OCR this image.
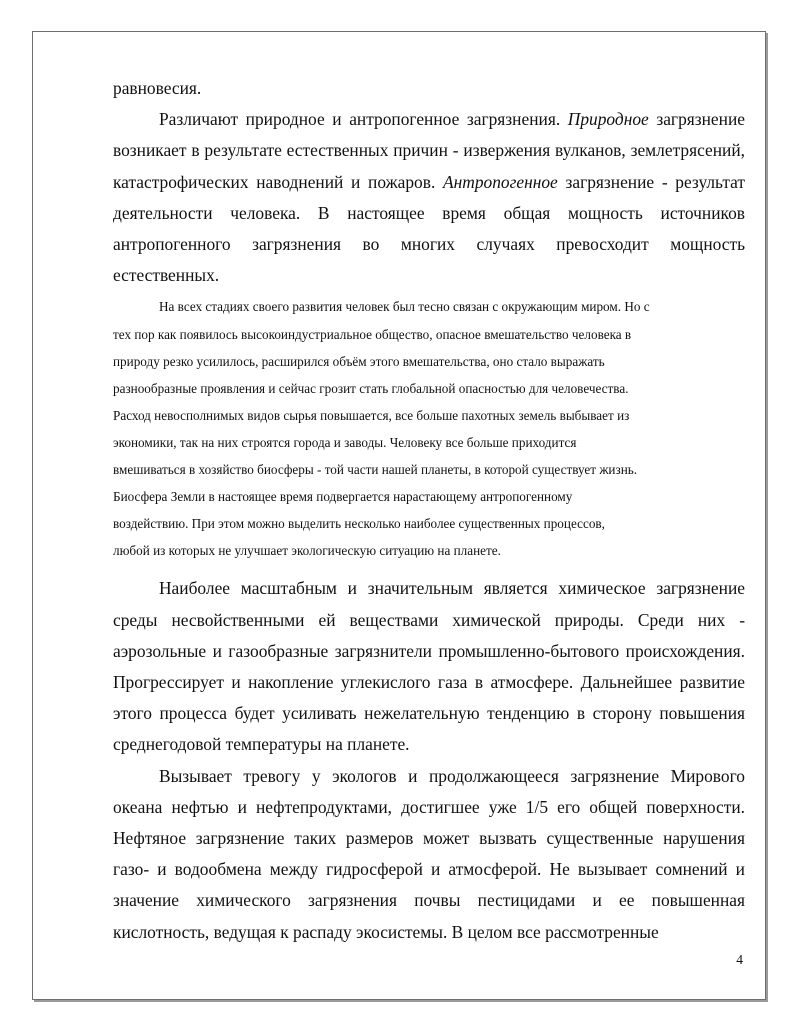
равновесия.

Различают природное и антропогенное загрязнения. Природное загрязнение возникает в результате естественных причин - извержения вулканов, землетрясений, катастрофических наводнений и пожаров. Антропогенное загрязнение - результат деятельности человека. В настоящее время общая мощность источников антропогенного загрязнения во многих случаях превосходит мощность естественных.

На всех стадиях своего развития человек был тесно связан с окружающим миром. Но с
тех пор как появилось высокоиндустриальное общество, опасное вмешательство человека в
природу резко усилилось, расширился объём этого вмешательства, оно стало выражать
разнообразные проявления и сейчас грозит стать глобальной опасностью для человечества.
Расход невосполнимых видов сырья повышается, все больше пахотных земель выбывает из
экономики, так на них строятся города и заводы. Человеку все больше приходится
вмешиваться в хозяйство биосферы - той части нашей планеты, в которой существует жизнь.
Биосфера Земли в настоящее время подвергается нарастающему антропогенному
воздействию. При этом можно выделить несколько наиболее существенных процессов,
любой из которых не улучшает экологическую ситуацию на планете.

Наиболее масштабным и значительным является химическое загрязнение среды несвойственными ей веществами химической природы. Среди них - аэрозольные и газообразные загрязнители промышленно-бытового происхождения. Прогрессирует и накопление углекислого газа в атмосфере. Дальнейшее развитие этого процесса будет усиливать нежелательную тенденцию в сторону повышения среднегодовой температуры на планете.

Вызывает тревогу у экологов и продолжающееся загрязнение Мирового океана нефтью и нефтепродуктами, достигшее уже 1/5 его общей поверхности. Нефтяное загрязнение таких размеров может вызвать существенные нарушения газо- и водообмена между гидросферой и атмосферой. Не вызывает сомнений и значение химического загрязнения почвы пестицидами и ее повышенная кислотность, ведущая к распаду экосистемы. В целом все рассмотренные

4
